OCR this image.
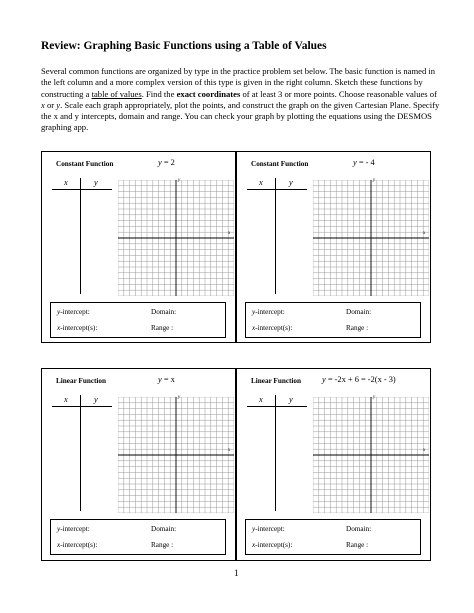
Review: Graphing Basic Functions using a Table of Values
Several common functions are organized by type in the practice problem set below. The basic function is named in the left column and a more complex version of this type is given in the right column. Sketch these functions by constructing a table of values. Find the exact coordinates of at least 3 or more points. Choose reasonable values of x or y. Scale each graph appropriately, plot the points, and construct the graph on the given Cartesian Plane. Specify the x and y intercepts, domain and range. You can check your graph by plotting the equations using the DESMOS graphing app.
Constant Function	y = 2
x	y	y
x
y-intercept:	Domain:
x-intercept(s):	Range :
Constant Function	y = - 4
x	y	y
x
y-intercept:	Domain:
x-intercept(s):	Range :
Linear Function	y = x
x	y	y
x
y-intercept:	Domain:
x-intercept(s):	Range :
Linear Function	y = -2x + 6 = -2(x - 3)
x	y	y
x
y-intercept:	Domain:
x-intercept(s):	Range :
1
